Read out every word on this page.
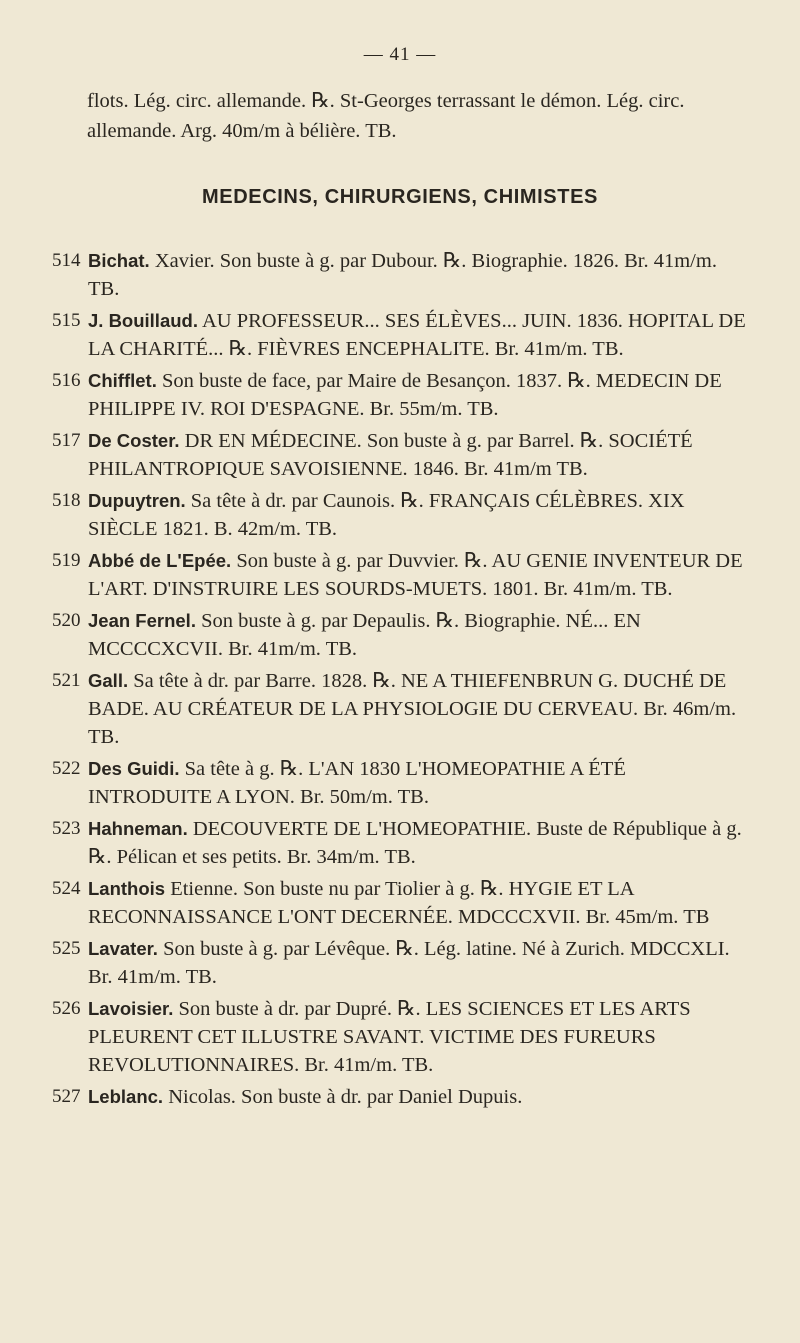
— 41 —
flots. Lég. circ. allemande. ℞. St-Georges terrassant le démon. Lég. circ. allemande. Arg. 40m/m à bélière. TB.
MEDECINS, CHIRURGIENS, CHIMISTES
514 Bichat. Xavier. Son buste à g. par Dubour. ℞. Biographie. 1826. Br. 41m/m. TB.
515 J. Bouillaud. AU PROFESSEUR... SES ÉLÈVES... JUIN. 1836. HOPITAL DE LA CHARITÉ... ℞. FIÈVRES ENCEPHALITE. Br. 41m/m. TB.
516 Chifflet. Son buste de face, par Maire de Besançon. 1837. ℞. MEDECIN DE PHILIPPE IV. ROI D'ESPAGNE. Br. 55m/m. TB.
517 De Coster. DR EN MÉDECINE. Son buste à g. par Barrel. ℞. SOCIÉTÉ PHILANTROPIQUE SAVOISIENNE. 1846. Br. 41m/m TB.
518 Dupuytren. Sa tête à dr. par Caunois. ℞. FRANÇAIS CÉLÈBRES. XIX SIÈCLE 1821. B. 42m/m. TB.
519 Abbé de L'Epée. Son buste à g. par Duvvier. ℞. AU GENIE INVENTEUR DE L'ART. D'INSTRUIRE LES SOURDS-MUETS. 1801. Br. 41m/m. TB.
520 Jean Fernel. Son buste à g. par Depaulis. ℞. Biographie. NÉ... EN MCCCCXCVII. Br. 41m/m. TB.
521 Gall. Sa tête à dr. par Barre. 1828. ℞. NE A THIEFENBRUN G. DUCHÉ DE BADE. AU CRÉATEUR DE LA PHYSIOLOGIE DU CERVEAU. Br. 46m/m. TB.
522 Des Guidi. Sa tête à g. ℞. L'AN 1830 L'HOMEOPATHIE A ÉTÉ INTRODUITE A LYON. Br. 50m/m. TB.
523 Hahneman. DECOUVERTE DE L'HOMEOPATHIE. Buste de République à g. ℞. Pélican et ses petits. Br. 34m/m. TB.
524 Lanthois Etienne. Son buste nu par Tiolier à g. ℞. HYGIE ET LA RECONNAISSANCE L'ONT DECERNÉE. MDCCCXVII. Br. 45m/m. TB
525 Lavater. Son buste à g. par Lévêque. ℞. Lég. latine. Né à Zurich. MDCCXLI. Br. 41m/m. TB.
526 Lavoisier. Son buste à dr. par Dupré. ℞. LES SCIENCES ET LES ARTS PLEURENT CET ILLUSTRE SAVANT. VICTIME DES FUREURS REVOLUTIONNAIRES. Br. 41m/m. TB.
527 Leblanc. Nicolas. Son buste à dr. par Daniel Dupuis.
